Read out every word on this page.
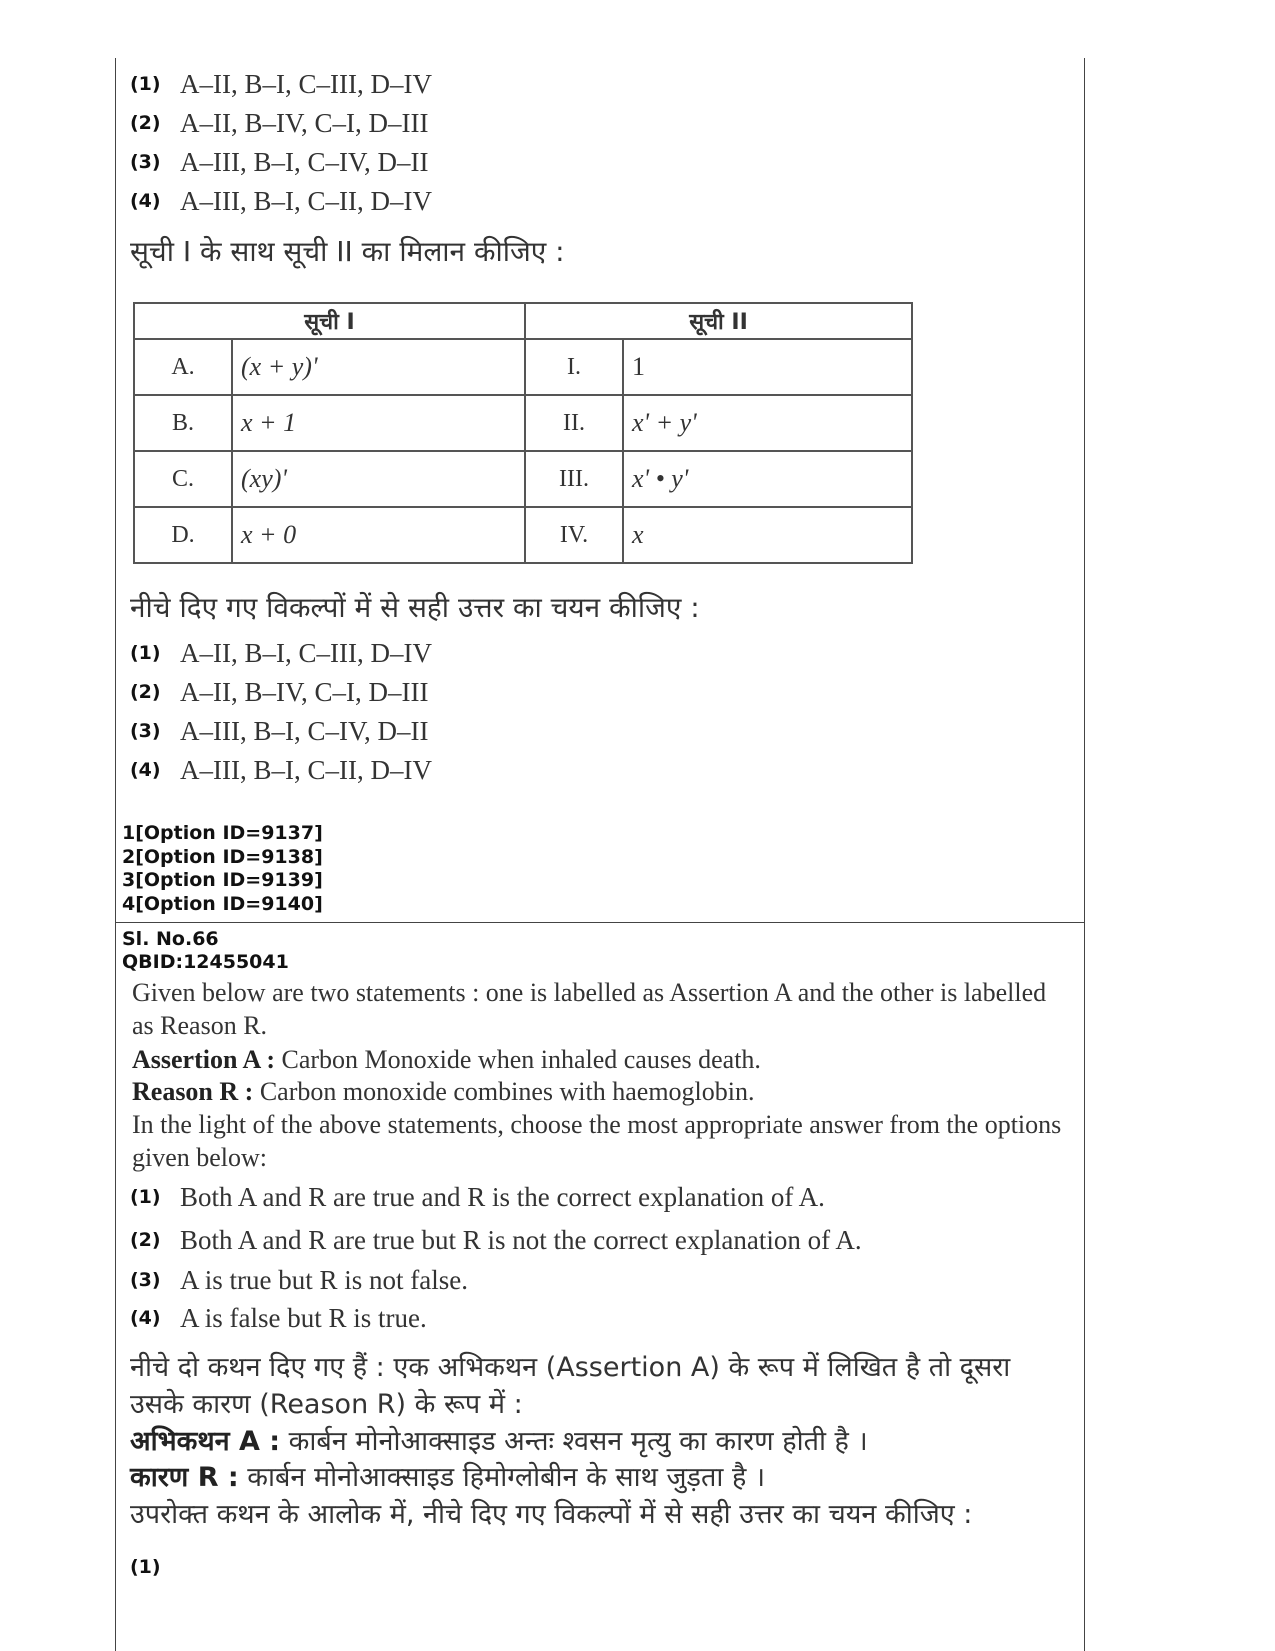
(1) A–II, B–I, C–III, D–IV
(2) A–II, B–IV, C–I, D–III
(3) A–III, B–I, C–IV, D–II
(4) A–III, B–I, C–II, D–IV
सूची I के साथ सूची II का मिलान कीजिए :
सूची I		सूची II	
A.	(x + y)'	I.	1
B.	x + 1	II.	x' + y'
C.	(xy)'	III.	x' • y'
D.	x + 0	IV.	x
नीचे दिए गए विकल्पों में से सही उत्तर का चयन कीजिए :
(1) A–II, B–I, C–III, D–IV
(2) A–II, B–IV, C–I, D–III
(3) A–III, B–I, C–IV, D–II
(4) A–III, B–I, C–II, D–IV
1[Option ID=9137]
2[Option ID=9138]
3[Option ID=9139]
4[Option ID=9140]
Sl. No.66
QBID:12455041
Given below are two statements : one is labelled as Assertion A and the other is labelled as Reason R.
Assertion A : Carbon Monoxide when inhaled causes death.
Reason R : Carbon monoxide combines with haemoglobin.
In the light of the above statements, choose the most appropriate answer from the options given below:
(1) Both A and R are true and R is the correct explanation of A.
(2) Both A and R are true but R is not the correct explanation of A.
(3) A is true but R is not false.
(4) A is false but R is true.
नीचे दो कथन दिए गए हैं : एक अभिकथन (Assertion A) के रूप में लिखित है तो दूसरा
उसके कारण (Reason R) के रूप में :
अभिकथन A : कार्बन मोनोआक्साइड अन्तः श्वसन मृत्यु का कारण होती है ।
कारण R : कार्बन मोनोआक्साइड हिमोग्लोबीन के साथ जुड़ता है ।
उपरोक्त कथन के आलोक में, नीचे दिए गए विकल्पों में से सही उत्तर का चयन कीजिए :
(1)
